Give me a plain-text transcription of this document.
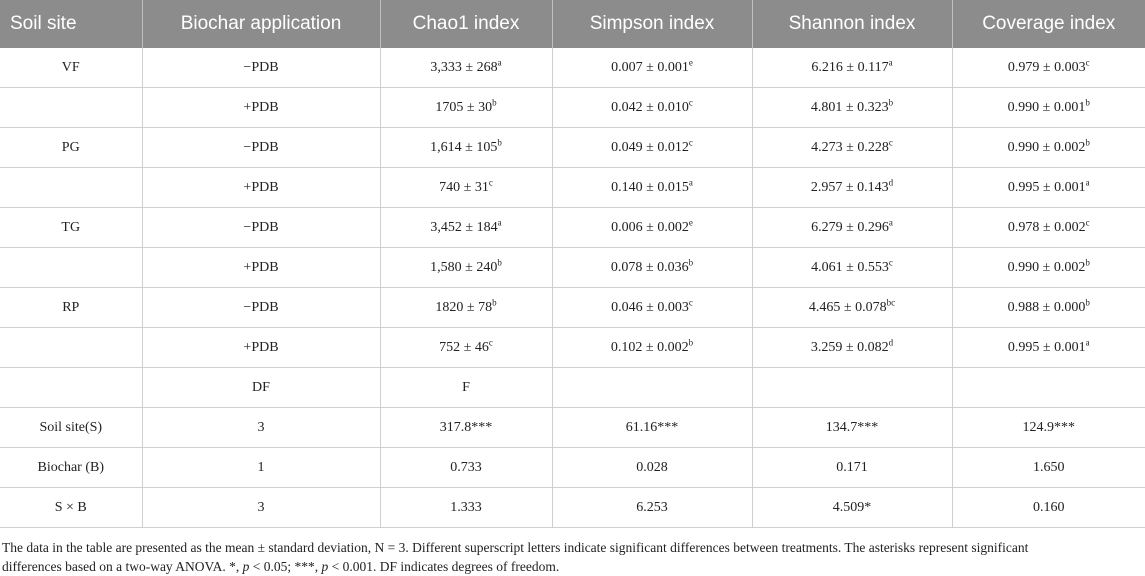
Soil site	Biochar application	Chao1 index	Simpson index	Shannon index	Coverage index
VF	−PDB	$3,333 \pm 268^a$	0.007 ± 0.001$^e$	6.216 ± 0.117$^a$	0.979 ± 0.003$^c$
	+PDB	$1705 \pm 30^b$	0.042 ± 0.010$^c$	4.801 ± 0.323$^b$	0.990 ± 0.001$^b$
PG	−PDB	$1,614 \pm 105^b$	0.049 ± 0.012$^c$	4.273 ± 0.228$^c$	0.990 ± 0.002$^b$
	+PDB	$740 \pm 31^c$	0.140 ± 0.015$^a$	2.957 ± 0.143$^d$	0.995 ± 0.001$^a$
TG	−PDB	$3,452 \pm 184^a$	0.006 ± 0.002$^e$	6.279 ± 0.296$^a$	0.978 ± 0.002$^c$
	+PDB	$1,580 \pm 240^b$	0.078 ± 0.036$^b$	4.061 ± 0.553$^c$	0.990 ± 0.002$^b$
RP	−PDB	$1820 \pm 78^b$	0.046 ± 0.003$^c$	4.465 ± 0.078$^{bc}$	0.988 ± 0.000$^b$
	+PDB	$752 \pm 46^c$	0.102 ± 0.002$^b$	3.259 ± 0.082$^d$	0.995 ± 0.001$^a$
	DF	F			
Soil site(S)	3	317.8***	61.16***	134.7***	124.9***
Biochar (B)	1	0.733	0.028	0.171	1.650
S × B	3	1.333	6.253	4.509*	0.160
The data in the table are presented as the mean ± standard deviation, N = 3. Different superscript letters indicate significant differences between treatments. The asterisks represent significant
differences based on a two-way ANOVA. *, p < 0.05; ***, p < 0.001. DF indicates degrees of freedom.
